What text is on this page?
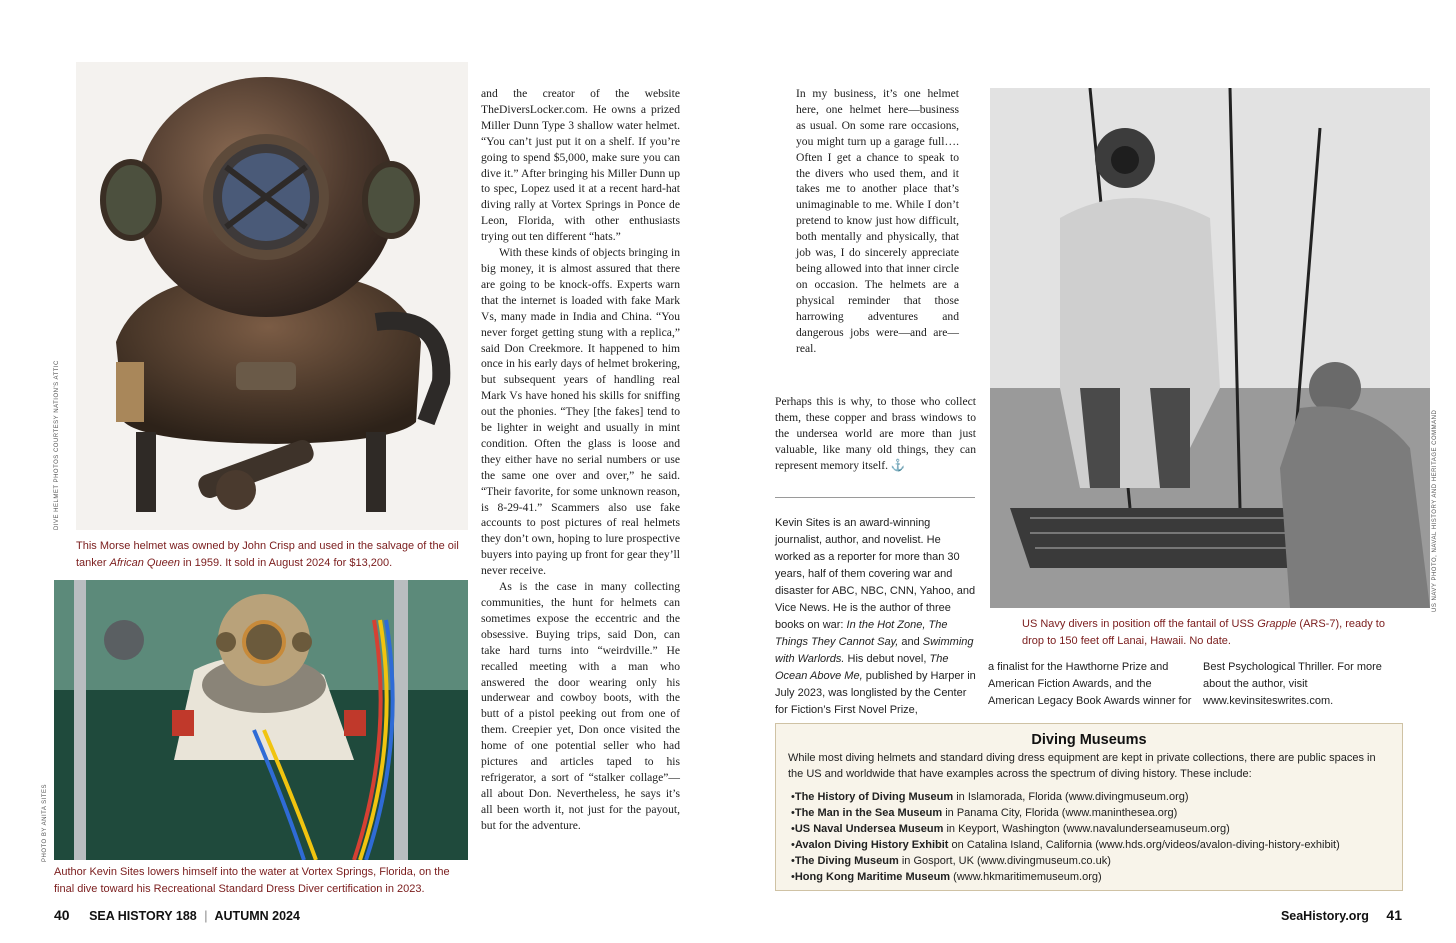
DIVE HELMET PHOTOS COURTESY NATION'S ATTIC
This Morse helmet was owned by John Crisp and used in the salvage of the oil tanker African Queen in 1959. It sold in August 2024 for $13,200.
PHOTO BY ANITA SITES
Author Kevin Sites lowers himself into the water at Vortex Springs, Florida, on the final dive toward his Recreational Standard Dress Diver certification in 2023.

and the creator of the website TheDiversLocker.com. He owns a prized Miller Dunn Type 3 shallow water helmet. “You can’t just put it on a shelf. If you’re going to spend $5,000, make sure you can dive it.” After bringing his Miller Dunn up to spec, Lopez used it at a recent hard-hat diving rally at Vortex Springs in Ponce de Leon, Florida, with other enthusiasts trying out ten different “hats.”

With these kinds of objects bringing in big money, it is almost assured that there are going to be knock-offs. Experts warn that the internet is loaded with fake Mark Vs, many made in India and China. “You never forget getting stung with a replica,” said Don Creekmore. It happened to him once in his early days of helmet brokering, but subsequent years of handling real Mark Vs have honed his skills for sniffing out the phonies. “They [the fakes] tend to be lighter in weight and usually in mint condition. Often the glass is loose and they either have no serial numbers or use the same one over and over,” he said. “Their favorite, for some unknown reason, is 8-29-41.” Scammers also use fake accounts to post pictures of real helmets they don’t own, hoping to lure prospective buyers into paying up front for gear they’ll never receive.

As is the case in many collecting communities, the hunt for helmets can sometimes expose the eccentric and the obsessive. Buying trips, said Don, can take hard turns into “weirdville.” He recalled meeting with a man who answered the door wearing only his underwear and cowboy boots, with the butt of a pistol peeking out from one of them. Creepier yet, Don once visited the home of one potential seller who had pictures and articles taped to his refrigerator, a sort of “stalker collage”—all about Don. Nevertheless, he says it’s all been worth it, not just for the payout, but for the adventure.

40 SEA HISTORY 188 | AUTUMN 2024

In my business, it’s one helmet here, one helmet here—business as usual. On some rare occasions, you might turn up a garage full…. Often I get a chance to speak to the divers who used them, and it takes me to another place that’s unimaginable to me. While I don’t pretend to know just how difficult, both mentally and physically, that job was, I do sincerely appreciate being allowed into that inner circle on occasion. The helmets are a physical reminder that those harrowing adventures and dangerous jobs were—and are—real.

Perhaps this is why, to those who collect them, these copper and brass windows to the undersea world are more than just valuable, like many old things, they can represent memory itself. ⚓

Kevin Sites is an award-winning journalist, author, and novelist. He worked as a reporter for more than 30 years, half of them covering war and disaster for ABC, NBC, CNN, Yahoo, and Vice News. He is the author of three books on war: In the Hot Zone, The Things They Cannot Say, and Swimming with Warlords. His debut novel, The Ocean Above Me, published by Harper in July 2023, was longlisted by the Center for Fiction’s First Novel Prize,
a finalist for the Hawthorne Prize and American Fiction Awards, and the American Legacy Book Awards winner for
Best Psychological Thriller. For more about the author, visit www.kevinsiteswrites.com.
US NAVY PHOTO, NAVAL HISTORY AND HERITAGE COMMAND
US Navy divers in position off the fantail of USS Grapple (ARS-7), ready to drop to 150 feet off Lanai, Hawaii. No date.
Diving Museums
While most diving helmets and standard diving dress equipment are kept in private collections, there are public spaces in the US and worldwide that have examples across the spectrum of diving history. These include:
•The History of Diving Museum in Islamorada, Florida (www.divingmuseum.org)
•The Man in the Sea Museum in Panama City, Florida (www.maninthesea.org)
•US Naval Undersea Museum in Keyport, Washington (www.navalunderseamuseum.org)
•Avalon Diving History Exhibit on Catalina Island, California (www.hds.org/videos/avalon-diving-history-exhibit)
•The Diving Museum in Gosport, UK (www.divingmuseum.co.uk)
•Hong Kong Maritime Museum (www.hkmaritimemuseum.org)
SeaHistory.org 41
